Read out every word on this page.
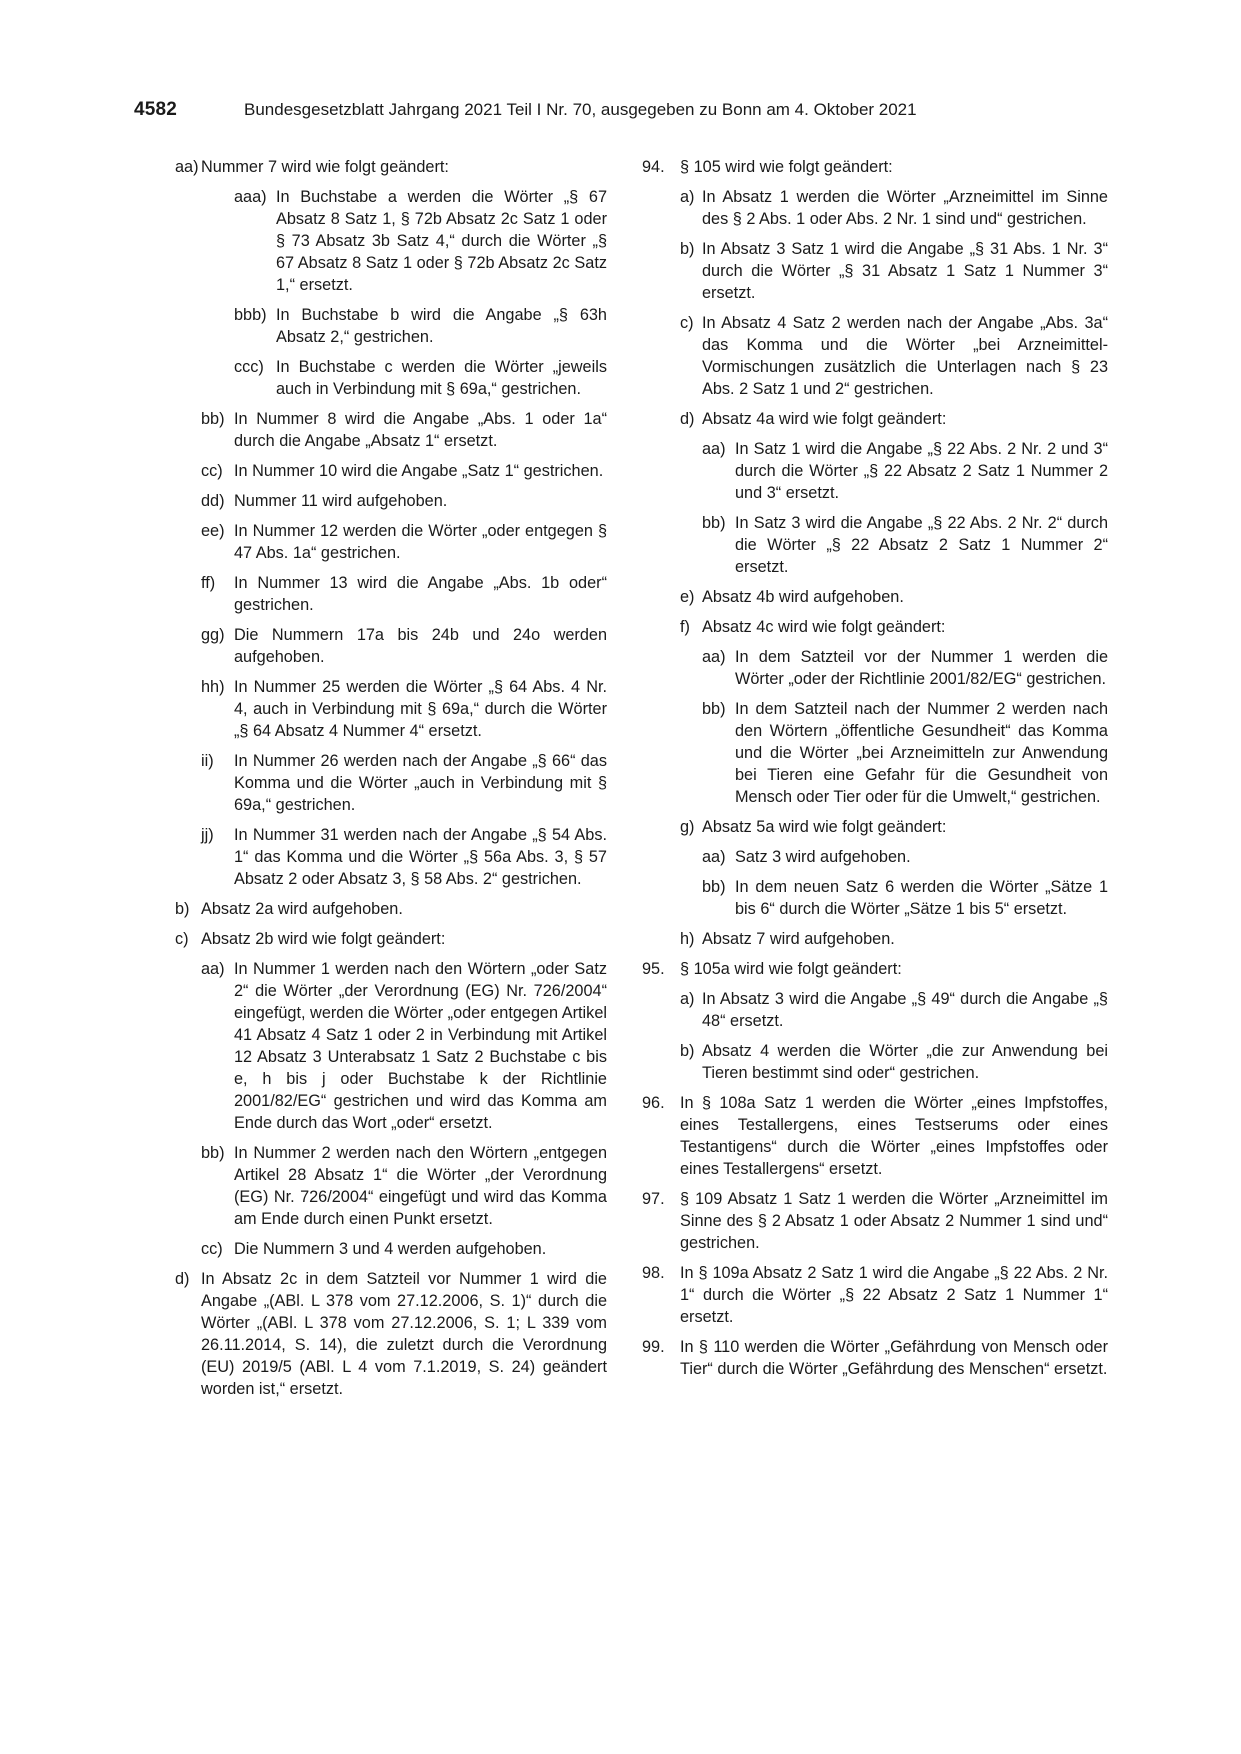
4582	Bundesgesetzblatt Jahrgang 2021 Teil I Nr. 70, ausgegeben zu Bonn am 4. Oktober 2021
aa) Nummer 7 wird wie folgt geändert:
aaa) In Buchstabe a werden die Wörter „§ 67 Absatz 8 Satz 1, § 72b Absatz 2c Satz 1 oder § 73 Absatz 3b Satz 4,“ durch die Wörter „§ 67 Absatz 8 Satz 1 oder § 72b Absatz 2c Satz 1,“ ersetzt.
bbb) In Buchstabe b wird die Angabe „§ 63h Absatz 2,“ gestrichen.
ccc) In Buchstabe c werden die Wörter „jeweils auch in Verbindung mit § 69a,“ gestrichen.
bb) In Nummer 8 wird die Angabe „Abs. 1 oder 1a“ durch die Angabe „Absatz 1“ ersetzt.
cc) In Nummer 10 wird die Angabe „Satz 1“ gestrichen.
dd) Nummer 11 wird aufgehoben.
ee) In Nummer 12 werden die Wörter „oder entgegen § 47 Abs. 1a“ gestrichen.
ff) In Nummer 13 wird die Angabe „Abs. 1b oder“ gestrichen.
gg) Die Nummern 17a bis 24b und 24o werden aufgehoben.
hh) In Nummer 25 werden die Wörter „§ 64 Abs. 4 Nr. 4, auch in Verbindung mit § 69a,“ durch die Wörter „§ 64 Absatz 4 Nummer 4“ ersetzt.
ii) In Nummer 26 werden nach der Angabe „§ 66“ das Komma und die Wörter „auch in Verbindung mit § 69a,“ gestrichen.
jj) In Nummer 31 werden nach der Angabe „§ 54 Abs. 1“ das Komma und die Wörter „§ 56a Abs. 3, § 57 Absatz 2 oder Absatz 3, § 58 Abs. 2“ gestrichen.
b) Absatz 2a wird aufgehoben.
c) Absatz 2b wird wie folgt geändert:
aa) In Nummer 1 werden nach den Wörtern „oder Satz 2“ die Wörter „der Verordnung (EG) Nr. 726/2004“ eingefügt, werden die Wörter „oder entgegen Artikel 41 Absatz 4 Satz 1 oder 2 in Verbindung mit Artikel 12 Absatz 3 Unterabsatz 1 Satz 2 Buchstabe c bis e, h bis j oder Buchstabe k der Richtlinie 2001/82/EG“ gestrichen und wird das Komma am Ende durch das Wort „oder“ ersetzt.
bb) In Nummer 2 werden nach den Wörtern „entgegen Artikel 28 Absatz 1“ die Wörter „der Verordnung (EG) Nr. 726/2004“ eingefügt und wird das Komma am Ende durch einen Punkt ersetzt.
cc) Die Nummern 3 und 4 werden aufgehoben.
d) In Absatz 2c in dem Satzteil vor Nummer 1 wird die Angabe „(ABl. L 378 vom 27.12.2006, S. 1)“ durch die Wörter „(ABl. L 378 vom 27.12.2006, S. 1; L 339 vom 26.11.2014, S. 14), die zuletzt durch die Verordnung (EU) 2019/5 (ABl. L 4 vom 7.1.2019, S. 24) geändert worden ist,“ ersetzt.
94. § 105 wird wie folgt geändert:
a) In Absatz 1 werden die Wörter „Arzneimittel im Sinne des § 2 Abs. 1 oder Abs. 2 Nr. 1 sind und“ gestrichen.
b) In Absatz 3 Satz 1 wird die Angabe „§ 31 Abs. 1 Nr. 3“ durch die Wörter „§ 31 Absatz 1 Satz 1 Nummer 3“ ersetzt.
c) In Absatz 4 Satz 2 werden nach der Angabe „Abs. 3a“ das Komma und die Wörter „bei Arzneimittel-Vormischungen zusätzlich die Unterlagen nach § 23 Abs. 2 Satz 1 und 2“ gestrichen.
d) Absatz 4a wird wie folgt geändert:
aa) In Satz 1 wird die Angabe „§ 22 Abs. 2 Nr. 2 und 3“ durch die Wörter „§ 22 Absatz 2 Satz 1 Nummer 2 und 3“ ersetzt.
bb) In Satz 3 wird die Angabe „§ 22 Abs. 2 Nr. 2“ durch die Wörter „§ 22 Absatz 2 Satz 1 Nummer 2“ ersetzt.
e) Absatz 4b wird aufgehoben.
f) Absatz 4c wird wie folgt geändert:
aa) In dem Satzteil vor der Nummer 1 werden die Wörter „oder der Richtlinie 2001/82/EG“ gestrichen.
bb) In dem Satzteil nach der Nummer 2 werden nach den Wörtern „öffentliche Gesundheit“ das Komma und die Wörter „bei Arzneimitteln zur Anwendung bei Tieren eine Gefahr für die Gesundheit von Mensch oder Tier oder für die Umwelt,“ gestrichen.
g) Absatz 5a wird wie folgt geändert:
aa) Satz 3 wird aufgehoben.
bb) In dem neuen Satz 6 werden die Wörter „Sätze 1 bis 6“ durch die Wörter „Sätze 1 bis 5“ ersetzt.
h) Absatz 7 wird aufgehoben.
95. § 105a wird wie folgt geändert:
a) In Absatz 3 wird die Angabe „§ 49“ durch die Angabe „§ 48“ ersetzt.
b) Absatz 4 werden die Wörter „die zur Anwendung bei Tieren bestimmt sind oder“ gestrichen.
96. In § 108a Satz 1 werden die Wörter „eines Impfstoffes, eines Testallergens, eines Testserums oder eines Testantigens“ durch die Wörter „eines Impfstoffes oder eines Testallergens“ ersetzt.
97. § 109 Absatz 1 Satz 1 werden die Wörter „Arzneimittel im Sinne des § 2 Absatz 1 oder Absatz 2 Nummer 1 sind und“ gestrichen.
98. In § 109a Absatz 2 Satz 1 wird die Angabe „§ 22 Abs. 2 Nr. 1“ durch die Wörter „§ 22 Absatz 2 Satz 1 Nummer 1“ ersetzt.
99. In § 110 werden die Wörter „Gefährdung von Mensch oder Tier“ durch die Wörter „Gefährdung des Menschen“ ersetzt.
